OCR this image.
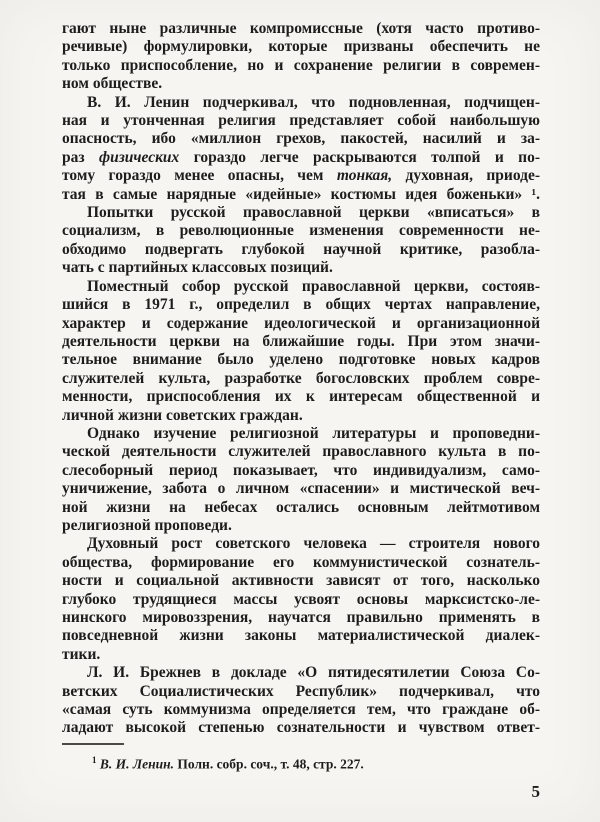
гают ныне различные компромиссные (хотя часто противо-
речивые) формулировки, которые призваны обеспечить не
только приспособление, но и сохранение религии в современ-
ном обществе.
В. И. Ленин подчеркивал, что подновленная, подчищен-
ная и утонченная религия представляет собой наибольшую
опасность, ибо «миллион грехов, пакостей, насилий и за-
раз физических гораздо легче раскрываются толпой и по-
тому гораздо менее опасны, чем тонкая, духовная, приоде-
тая в самые нарядные «идейные» костюмы идея боженьки» ¹.
Попытки русской православной церкви «вписаться» в
социализм, в революционные изменения современности не-
обходимо подвергать глубокой научной критике, разобла-
чать с партийных классовых позиций.
Поместный собор русской православной церкви, состояв-
шийся в 1971 г., определил в общих чертах направление,
характер и содержание идеологической и организационной
деятельности церкви на ближайшие годы. При этом значи-
тельное внимание было уделено подготовке новых кадров
служителей культа, разработке богословских проблем совре-
менности, приспособления их к интересам общественной и
личной жизни советских граждан.
Однако изучение религиозной литературы и проповедни-
ческой деятельности служителей православного культа в по-
слесоборный период показывает, что индивидуализм, само-
уничижение, забота о личном «спасении» и мистической веч-
ной жизни на небесах остались основным лейтмотивом
религиозной проповеди.
Духовный рост советского человека — строителя нового
общества, формирование его коммунистической сознатель-
ности и социальной активности зависят от того, насколько
глубоко трудящиеся массы усвоят основы марксистско-ле-
нинского мировоззрения, научатся правильно применять в
повседневной жизни законы материалистической диалек-
тики.
Л. И. Брежнев в докладе «О пятидесятилетии Союза Со-
ветских Социалистических Республик» подчеркивал, что
«самая суть коммунизма определяется тем, что граждане об-
ладают высокой степенью сознательности и чувством ответ-
$^1$ В. И. Ленин. Полн. собр. соч., т. 48, стр. 227.
5
